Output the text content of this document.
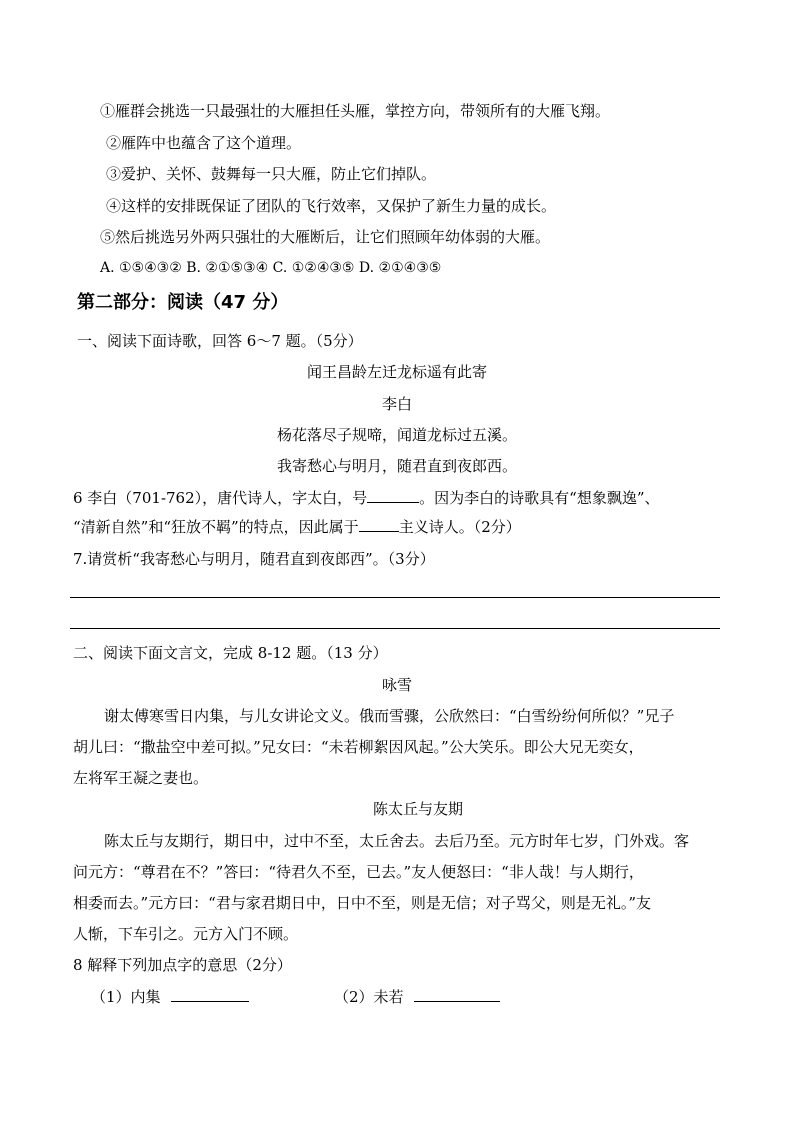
①雁群会挑选一只最强壮的大雁担任头雁，掌控方向，带领所有的大雁飞翔。
②雁阵中也蕴含了这个道理。
③爱护、关怀、鼓舞每一只大雁，防止它们掉队。
④这样的安排既保证了团队的飞行效率，又保护了新生力量的成长。
⑤然后挑选另外两只强壮的大雁断后，让它们照顾年幼体弱的大雁。
A. ①⑤④③② B. ②①⑤③④ C. ①②④③⑤ D. ②①④③⑤
第二部分：阅读（47 分）
一、阅读下面诗歌，回答 6～7 题。（5分）
闻王昌龄左迁龙标遥有此寄
李白
杨花落尽子规啼，闻道龙标过五溪。
我寄愁心与明月，随君直到夜郎西。
6 李白（701-762），唐代诗人，字太白，号	。因为李白的诗歌具有“想象飘逸”、
“清新自然”和“狂放不羁”的特点，因此属于	主义诗人。（2分）
7.请赏析“我寄愁心与明月，随君直到夜郎西”。（3分）
二、阅读下面文言文，完成 8-12 题。（13 分）
咏雪
谢太傅寒雪日内集，与儿女讲论文义。俄而雪骤，公欣然曰：“白雪纷纷何所似？”兄子
胡儿曰：“撒盐空中差可拟。”兄女曰：“未若柳絮因风起。”公大笑乐。即公大兄无奕女，
左将军王凝之妻也。
陈太丘与友期
陈太丘与友期行，期日中，过中不至，太丘舍去。去后乃至。元方时年七岁，门外戏。客
问元方：“尊君在不？”答曰：“待君久不至，已去。”友人便怒曰：“非人哉！与人期行，
相委而去。”元方曰：“君与家君期日中，日中不至，则是无信；对子骂父，则是无礼。”友
人惭，下车引之。元方入门不顾。
8 解释下列加点字的意思（2分）
（1）内集	（2）未若
